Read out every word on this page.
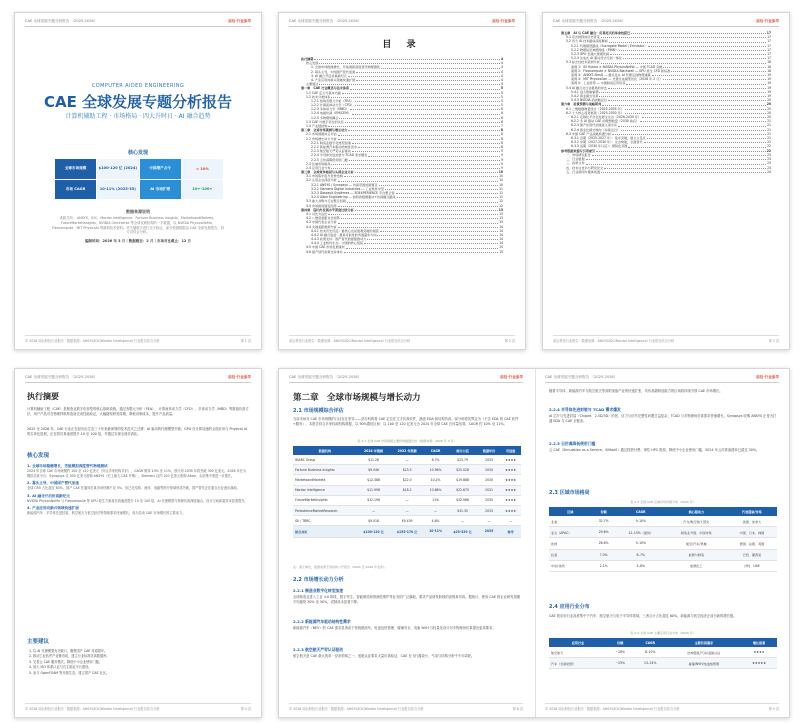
CAE 全球发展专题分析报告 （2025-2026）	前沿·行业参考
COMPUTER AIDED ENGINEERING
CAE 全球发展专题分析报告
计算机辅助工程 · 市场格局 · 四大升时日 · AI 融合趋势
核心发现
全球市场规模	$100-120 亿 (2024)	中国增产占今	> 10%
市场 CAGR	10-11% (2025-35)	AI 市场扩增	10+-100+
数据来源说明
来源方面 ：ANSYS、IDC、Mordor Intelligence、Fortune Business Insights、MarketsandMarkets、FutureMarketInsights、NVIDIA Omniverse 等全球权威机构的一手数据，以 NVIDIA PhysicsNeMo、Flexcompute、MIT PhysicsAI 等最新技术资料。对关键数字进行交叉验证，部分预测数据由 CAE 全球发展报告，四方对综合分析。
编制时间：2026 年 3 月｜数据截至：2 月｜市场对比截止：12 月
© 2026 前沿科技行业报告 · 数据来源：ANSYS/IDC/Mordor Intelligence/ 行业报告综合分析	第 1 页
CAE 全球发展专题分析报告 （2025-2026）	前沿·行业参考
目 录
执行摘要	4
核心发现	4
1. 全球市场稳健增长，芳能模拟深度替代物理测试	4
2. 寡头主导，中国国产替代加速	4
3. AI 融合开启仿真新纪元	4
4. 产业应用向新兴领域快速扩展	4
主要建议	4
第一章　CAE 行业概述与技术体系	5
1.1 CAE 定义与基本内涵	5
1.2 技术分类体系	5
1.2.1 结构有限元分析（FEA）	5
1.2.2 计算流体动力学（CFD）	5
1.2.3 多体动力学（MBD）	6
1.2.4 电磁仿真（EM/CEM）	6
1.2.5 多物理场耦合	6
1.3 CAE 与数字孪生的关系	6
1.4 产业链结构	7
第二章　全球市场规模与增长动力	8
2.1 市场规模综合评估	8
2.2 市场增长动力分析	8
2.2.1 制造业数字化转型加速	8
2.2.2 新能源汽车驱动结构性需求	8
2.2.3 航空航天严苛认证驱动	9
2.2.4 半导体先进封装与 TCAD 需求爆发	9
2.2.5 云仿真降低使用门槛	9
2.3 区域市场格局	9
2.4 应用行业分布	9
第三章　全球竞争格局与头部企业分析	10
3.1 市场集中度与竞争结构	10
3.2 头部企业深度分析	10
3.2.1 ANSYS / Synopsys — 仿真帝国的新篇章	10
3.2.2 Siemens Digital Industries — 工业软件中坚	11
3.2.3 Dassault Systèmes — 3DEXPERIENCE 平台整合者	11
3.2.4 Altair Engineering — 独特的数据驱动+仿真融合路线	11
3.3 重大并购与行业整合回顾	12
3.4 市场格局演变趋势	12
第四章　国内外发展水平深度比较分析	13
4.1 对比方法论	13
4.2 八维度差距对比矩阵	13
4.3 中国代表企业分析	13
4.4 关键差距根源分析	14
4.4.1 技术历史沉淀：最核心也是最难突破的差距	14
4.4.2 AI 融合追赶：最具可能性的弯道超车方向	14
4.4.3 政策支持：国产替代的最强推动力	14
4.4.4 工业软件生态：中国的核心短板	14
4.5 中国 CAE 市场发展现状	15
4.6 国产替代政策支持体系	15
前沿科技行业报告 · 数据来源：ANSYS/IDC/Mordor Intelligence/ 行业报告综合分析	第 2 页
CAE 全球发展专题分析报告 （2025-2026）	前沿·行业参考
第五章　AI 与 CAE 融合：仿真范式的革命性跃迁	17
5.1 范式转移的历史背景	17
5.2 四大 AI 技术路线深度解析	17
5.2.1 代理模型路线（Surrogate Model / Emulator）	17
5.2.2 物理信息神经网络（PINN）	17
5.2.3 GPU 加速大规模仿真	17
5.2.4 生成式 AI 驱动设计空间一体化	17
5.3 标志性技术案例分析	18
案例 1：Sil Hystra × NVIDIA PhysicsNeMo — 中国 TCAD 突破	18
案例 2：Flexcompute × NVIDIA Blackwell — GPU 原生 CFD 新标准	18
案例 3：ANSYS SimAI — 傻瓜化从 AI 代理走到物理建模	19
案例 4：MIT PhysicsGen — 光谱生成模型优化（2026 年 2 月）	19
案例 5：工业使用 — 中国制造应用场景	19
5.4 AI 融合对行业格局的冲击	19
5.4.1 进入壁垒重塑	19
5.4.2 商业模式变革	19
5.4.3 NVIDIA 的战略定位	20
第六章　前景预测与战略研判	20
6.1 二维数据增量统计（2025-2035 年）	20
6.2 十大核心趋势展望（2025-2030 年）	20
6.2.1 定制化平台化发展全生态（2026-2030 年）	20
6.2.2 多 AI 驱动 CAE 的理想数量（2030 前后）	21
6.2.3 国产化替代加速进入深水区	21
6.2.4 商业化模式转向（持续运行）	21
6.3 中国 CAE 产业战略机遇分析	21
6.3.1 近期（2025-2027 年）：集中突破，建立立足点	21
6.3.2 中期（2027-2030 年）：生态构建，全面替代	22
6.3.3 远期（2030 年以后）：国际化突围	22
参考数据来源与引用索引	22
一、市场研究报告	23
二、行业数据	23
三、政策文件	23
四、技术白皮书与研究论文	23
五、行业新闻与媒体报道	24
前沿科技行业报告 · 数据来源：ANSYS/IDC/Mordor Intelligence/ 行业报告综合分析	第 3 页
CAE 全球发展专题分析报告 （2025-2026）	前沿·行业参考
执行摘要
计算机辅助工程（CAE）是制造业数字化转型的核心基础设施。通过有限元分析（FEA）、计算流体动力学（CFD）、多体动力学（MBD）等数值仿真方法，用户产品可在物理样机制造前完成性能验证，大幅缩短研发周期，降低试制成本，提升产品质量。
2025 至 2026 年，CAE 行业正在经历由生态三十年来最深刻的技术范式之迁移：AI 驱动的代理模型突破、GPU 在计算加速的全面应用与 Physical AI 的实体化进展，正在将仿真速度提升 10 至 100 倍，并通过实现全面仿真化。
核心发现
1. 全球市场稳健增长，芳能模拟深度替代物理测试
2024 年全球 CAE 市场规模约 100 至 120 亿美元（综合多家机构共识），CAGR 维持 10% 至 11%，预计到 2035 年将突破 300 亿美元。2026 年在为模拟仿真平台：Synopsys 以 300 亿美元收购 ANSYS（史上最大 CAE 并购），Siemens 以约 100 亿美元收购 Altair，头部集中度进一步提升。
2. 寡头主导，中国国产替代加速
全球 CR5 占比超过 60%。国产 CAE 在通用仿真市场份额不足 5%，但已在结构、流体、电磁等细分领域形成突破，国产替代正在重点行业逐步落地。
3. AI 融合开启仿真新纪元
NVIDIA PhysicsNeMo 与 Flexcompute 等 GPU 原生方案将仿真速度提升 10 至 100 倍，AI 代理模型与物理仿真深度融合，设计空间探索效率显著提升。
4. 产业应用向新兴领域快速扩展
新能源汽车、半导体先进封装、航空航天与低空经济等领域需求快速增长，成为拉动 CAE 市场增长的主要动力。
主要建议
1. 以 AI 代理模型为突破口，聚焦国产 CAE 弯道超车。
2. 推动工业软件产业链协同，建立行业标准仿真数据库。
3. 完善云 CAE 服务模式，降低中小企业使用门槛。
4. 加大 ISO 体系认证与自主验证平台建设。
5. 参与 OpenFOAM 等开源生态，建立国产 CAE 社区。
© 2026 前沿科技行业报告 · 数据来源：ANSYS/IDC/Mordor Intelligence/ 行业报告综合分析	第 4 页
CAE 全球发展专题分析报告 （2025-2026）	前沿·行业参考	CAE 全球发展专题分析报告 （2025-2026）	前沿·行业参考
第二章　全球市场规模与增长动力
2.1 市场规模综合评估
当前市场对 CAE 市场规模的口径存在差异——部分机构将 CAE 定位在文字仿真软件，涵盖 EDA 和结构仿真；部分则将其界定为（不含 EDA 的 CAE 软件+服务），本报告综合多家权威机构数据，以 90%置信区间：以 100 至 120 亿美元为 2024 年全球 CAE 总体量估算，CAGR 约 10% 至 11%。
表 2-1 全球 CAE 市场规模主要机构数据比较（数据来源：2026 年 2 月）
数据机构	2024 年规模	2032 年预测	CAGR	统计口径	数据年份	可信度
IMARC Group	$11.28	—	8.7%	$23.79	2033	★★★★
Fortune Business Insights	$9.046	$23.5	10.96%	$25.028	2034	★★★★
MarketsandMarkets	$12.388	$22.0	10.2%	$19.888	2030	★★★★
Mordor Intelligence	$11.998	$18.2	10.68%	$22.675	2031	★★★★
FutureMarketInsights	$12.198	—	11%	$32.988	2035	★★★★
PersistenceMarketResearch	—	—	—	$31.35	2033	★★★★
GII / TBRC	$9.018	$9.439	4.6%	—	—	—
综合共识	$100-120 亿	$155-170 亿	10-11%	$25-329 亿	2035	参考
注：美元单位，数据来源于各机构公开报告（2024 至 2026 年发布）。
2.2 市场增长动力分析
2.2.1 制造业数字化转型加速
全球制造业进入工业 4.0 阶段，数字孪生、智能制造和预测性维护等业务的广泛落地，要求产品研发阶段的高保真仿真。据统计，使用 CAE 的企业研发周期平均缩短 30% 至 50%，试制成本显著下降。
2.2.2 新能源汽车驱动结构性需求
新能源汽车（BEV）的 CAE 需求显著高于传统燃油车。电池包热管理、碰撞安全、电驱 NVH 与轻量化设计对多物理场仿真提出更高要求。
2.2.3 航空航天严苛认证驱动
航空航天是 CAE 最大的单一应用领域之一，适航认证要求大量仿真验证，CAE 在飞行器设计、气动与结构分析中不可或缺。
随着半导体、新能源汽车与航空航天等高附加值产业的快速扩张，具有高端制造能力的区域将持续引领 CAE 市场增长。
2.2.4 半导体先进封装与 TCAD 需求爆发
AI 芯片与先进封装（Chiplet、2.5D/3D）的热、应力与信号完整性问题日益复杂，TCAD 与多物理场仿真需求快速增长。Synopsys 收购 ANSYS 正是为打通 EDA 与 CAE 全链条。
2.2.5 云仿真降低使用门槛
云 CAE（Simulation as a Service，SiMaaS）通过按需付费、弹性 HPC 资源，降低中小企业使用门槛，2024 年云仿真渗透率已超过 30%。
2.3 区域市场格局
表 2-3 全球 CAE 区域市场份额分布（2024 年）
区域	份额	CAGR	核心驱动力	代表国家/市场
北美	32.7%	9–10%	汽车/航空航天领先	美国、加拿大
亚太（APAC）	29.6%	12–15%（最快）	制造业升级、中国市场	中国、日本、韩国
欧洲	28.6%	9–10%	航空/汽车/机械	德国、法国、英国
拉美	7.0%	6–7%	能源与制造	巴西、墨西哥
中东/非洲	2.1%	5–6%	能源化工	沙特、UAE
2.4 应用行业分布
CAE 的应用行业高度集中于汽车、航空航天与电子半导体领域，三者合计占比超过 60%。新能源与低空经济正成为新的增长极。
表 2-4 全球 CAE 主要应用行业分布（2024 年）
应用行业	份额	CAGR	主要仿真需求	增长前景
航空航天	~28%	8–10%	结构强度/气动/适航认证	★★★★
汽车（含新能源）	~25%	13–14%	碰撞/NVH/电池热管理	★★★★★
© 2026 前沿科技行业报告 · 数据来源：ANSYS/IDC/Mordor Intelligence/ 行业报告综合分析	第 8 页	© 2026 前沿科技行业报告 · 数据来源：ANSYS/IDC/Mordor Intelligence/ 行业报告综合分析	第 9 页
